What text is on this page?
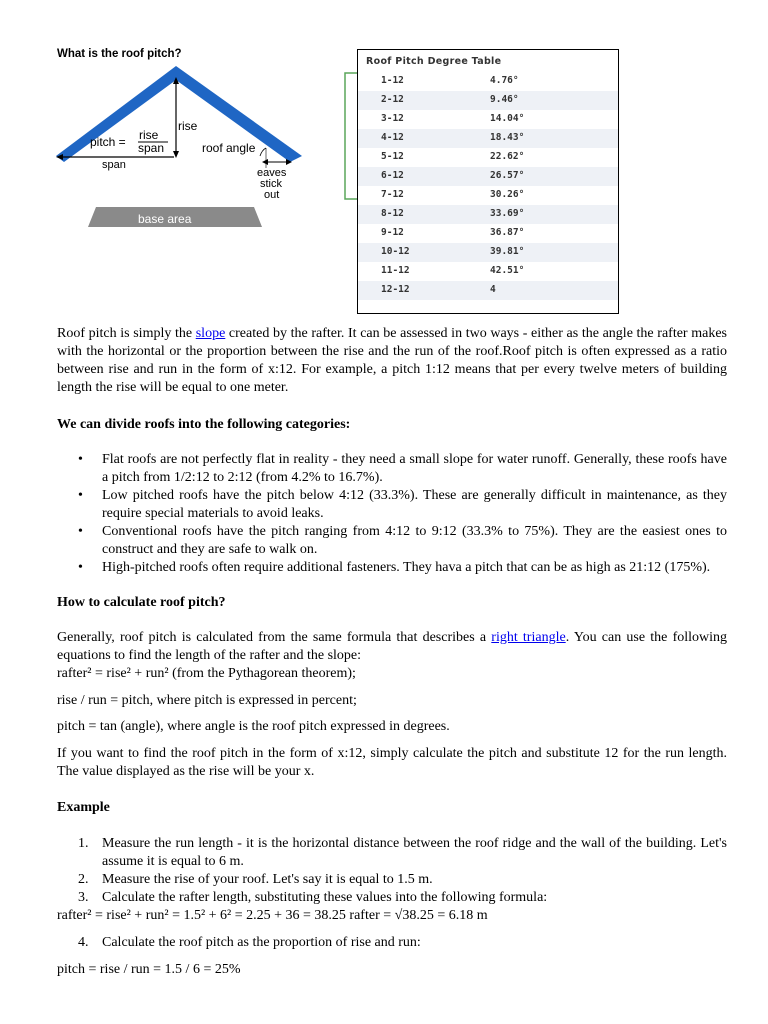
What is the roof pitch?
rise
pitch = rise
span
span
roof angle
eaves
stick
out
base area
Roof Pitch Degree Table
1-12	4.76°
2-12	9.46°
3-12	14.04°
4-12	18.43°
5-12	22.62°
6-12	26.57°
7-12	30.26°
8-12	33.69°
9-12	36.87°
10-12	39.81°
11-12	42.51°
12-12	4

Roof pitch is simply the slope created by the rafter. It can be assessed in two ways - either as the angle the rafter makes with the horizontal or the proportion between the rise and the run of the roof.Roof pitch is often expressed as a ratio between rise and run in the form of x:12. For example, a pitch 1:12 means that per every twelve meters of building length the rise will be equal to one meter.

We can divide roofs into the following categories:

• Flat roofs are not perfectly flat in reality - they need a small slope for water runoff. Generally, these roofs have a pitch from 1/2:12 to 2:12 (from 4.2% to 16.7%).
• Low pitched roofs have the pitch below 4:12 (33.3%). These are generally difficult in maintenance, as they require special materials to avoid leaks.
• Conventional roofs have the pitch ranging from 4:12 to 9:12 (33.3% to 75%). They are the easiest ones to construct and they are safe to walk on.
• High-pitched roofs often require additional fasteners. They hava a pitch that can be as high as 21:12 (175%).

How to calculate roof pitch?

Generally, roof pitch is calculated from the same formula that describes a right triangle. You can use the following equations to find the length of the rafter and the slope:
rafter² = rise² + run² (from the Pythagorean theorem);

rise / run = pitch, where pitch is expressed in percent;

pitch = tan (angle), where angle is the roof pitch expressed in degrees.

If you want to find the roof pitch in the form of x:12, simply calculate the pitch and substitute 12 for the run length. The value displayed as the rise will be your x.

Example

1. Measure the run length - it is the horizontal distance between the roof ridge and the wall of the building. Let's assume it is equal to 6 m.
2. Measure the rise of your roof. Let's say it is equal to 1.5 m.
3. Calculate the rafter length, substituting these values into the following formula:

rafter² = rise² + run² = 1.5² + 6² = 2.25 + 36 = 38.25 rafter = √38.25 = 6.18 m

4. Calculate the roof pitch as the proportion of rise and run:

pitch = rise / run = 1.5 / 6 = 25%
